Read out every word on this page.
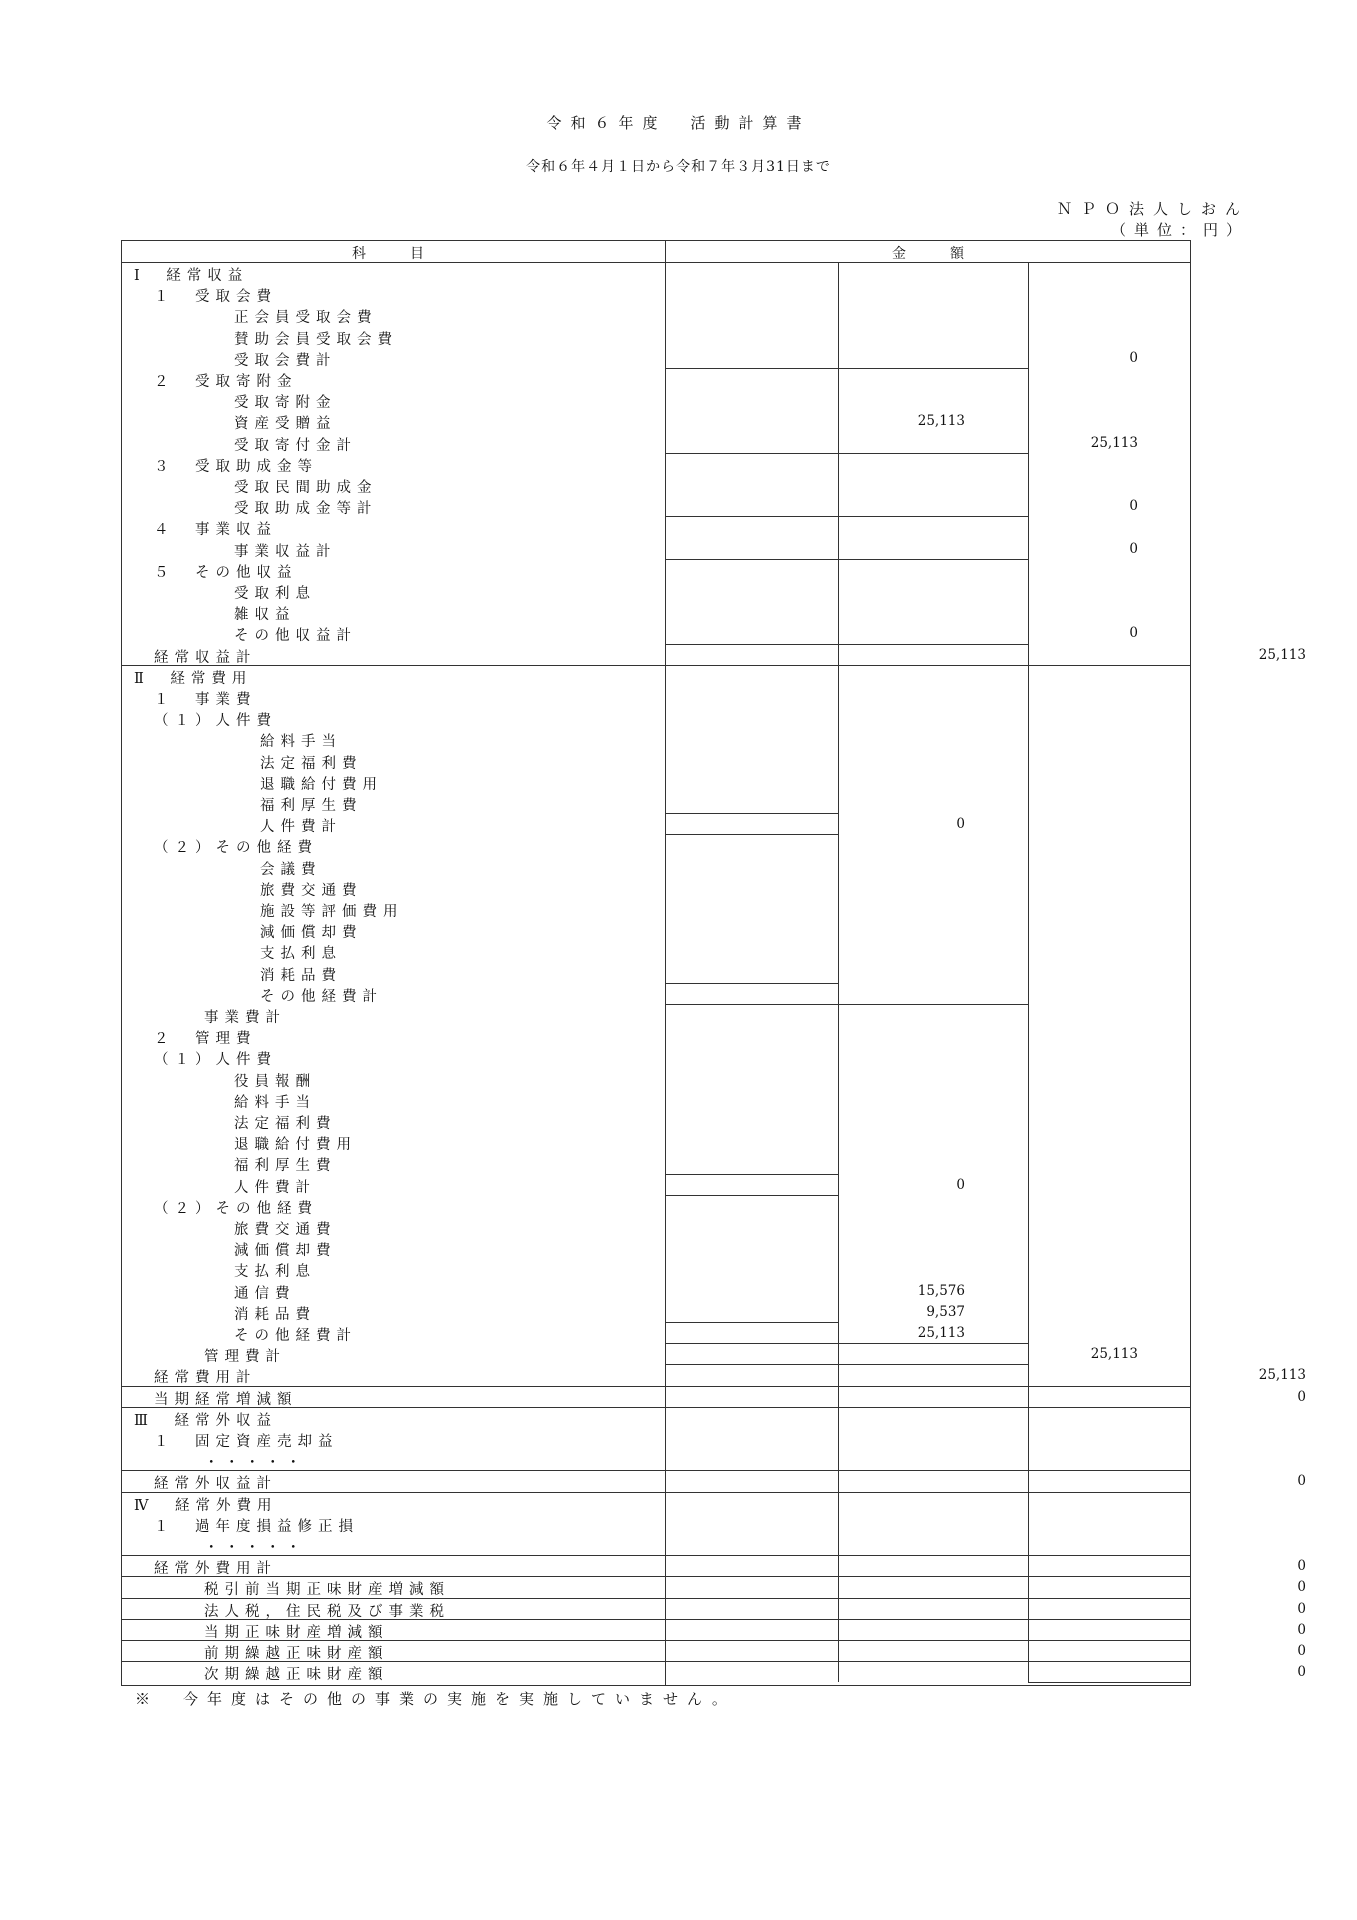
令和６年度　活動計算書
令和６年４月１日から令和７年３月31日まで
ＮＰＯ法人しおん
（単位：円）
科目	金額
Ⅰ　経常収益
１　受取会費
正会員受取会費
賛助会員受取会費
受取会費計	0
２　受取寄附金
受取寄附金
資産受贈益	25,113
受取寄付金計	25,113
３　受取助成金等
受取民間助成金
受取助成金等計	0
４　事業収益
事業収益計	0
５　その他収益
受取利息
雑収益
その他収益計	0
経常収益計	25,113
Ⅱ　経常費用
１　事業費
（１）人件費
給料手当
法定福利費
退職給付費用
福利厚生費
人件費計	0
（２）その他経費
会議費
旅費交通費
施設等評価費用
減価償却費
支払利息
消耗品費
その他経費計
事業費計
２　管理費
（１）人件費
役員報酬
給料手当
法定福利費
退職給付費用
福利厚生費
人件費計	0
（２）その他経費
旅費交通費
減価償却費
支払利息
通信費	15,576
消耗品費	9,537
その他経費計	25,113
管理費計	25,113
経常費用計	25,113
当期経常増減額	0
Ⅲ　経常外収益
１　固定資産売却益
・・・・・
経常外収益計	0
Ⅳ　経常外費用
１　過年度損益修正損
・・・・・
経常外費用計	0
税引前当期正味財産増減額	0
法人税，住民税及び事業税	0
当期正味財産増減額	0
前期繰越正味財産額	0
次期繰越正味財産額	0
※　今年度はその他の事業の実施を実施していません。
